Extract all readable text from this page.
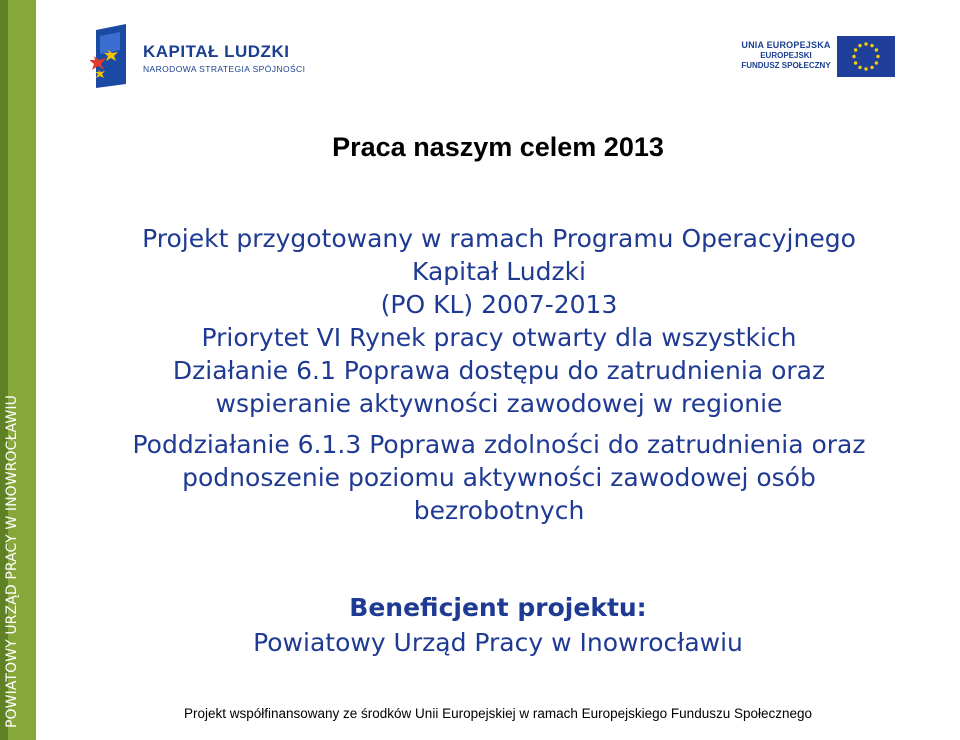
POWIATOWY URZĄD PRACY W INOWROCŁAWIU
KAPITAŁ LUDZKI
NARODOWA STRATEGIA SPÓJNOŚCI
UNIA EUROPEJSKA
EUROPEJSKI
FUNDUSZ SPOŁECZNY
Praca naszym celem 2013
Projekt przygotowany w ramach Programu Operacyjnego
Kapitał Ludzki
(PO KL) 2007-2013
Priorytet VI Rynek pracy otwarty dla wszystkich
Działanie 6.1 Poprawa dostępu do zatrudnienia oraz
wspieranie aktywności zawodowej w regionie
Poddziałanie 6.1.3 Poprawa zdolności do zatrudnienia oraz
podnoszenie poziomu aktywności zawodowej osób
bezrobotnych
Beneficjent projektu:
Powiatowy Urząd Pracy w Inowrocławiu
Projekt współfinansowany ze środków Unii Europejskiej w ramach Europejskiego Funduszu Społecznego
